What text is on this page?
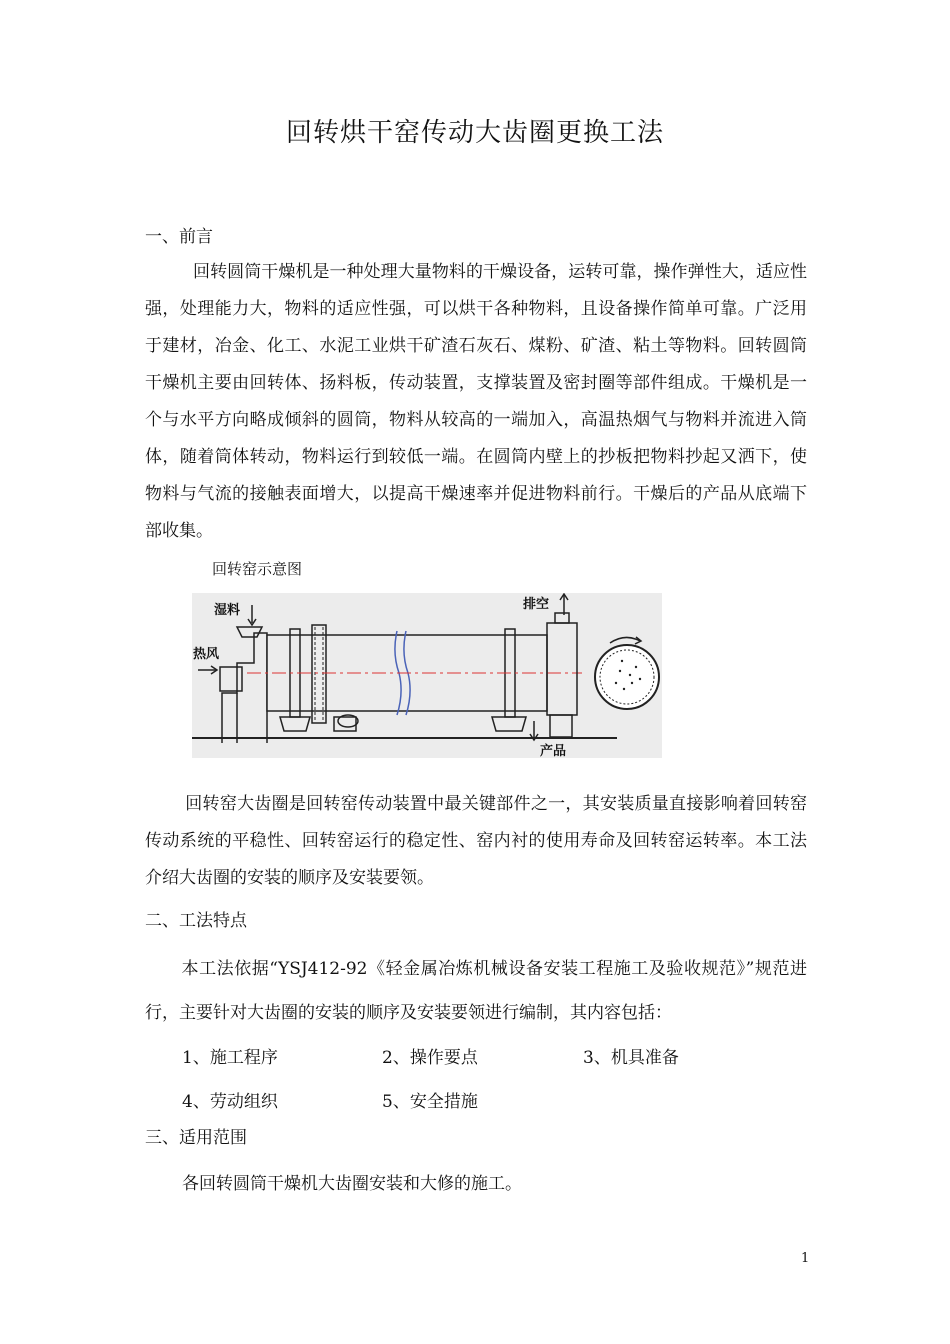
回转烘干窑传动大齿圈更换工法
一、前言

回转圆筒干燥机是一种处理大量物料的干燥设备，运转可靠，操作弹性大，适应性强，处理能力大，物料的适应性强，可以烘干各种物料，且设备操作简单可靠。广泛用于建材，冶金、化工、水泥工业烘干矿渣石灰石、煤粉、矿渣、粘土等物料。回转圆筒干燥机主要由回转体、扬料板，传动装置，支撑装置及密封圈等部件组成。干燥机是一个与水平方向略成倾斜的圆筒，物料从较高的一端加入，高温热烟气与物料并流进入筒体，随着筒体转动，物料运行到较低一端。在圆筒内壁上的抄板把物料抄起又洒下，使物料与气流的接触表面增大，以提高干燥速率并促进物料前行。干燥后的产品从底端下部收集。

回转窑示意图
湿料
热风
排空
产品

回转窑大齿圈是回转窑传动装置中最关键部件之一，其安装质量直接影响着回转窑传动系统的平稳性、回转窑运行的稳定性、窑内衬的使用寿命及回转窑运转率。本工法介绍大齿圈的安装的顺序及安装要领。

二、工法特点

本工法依据“YSJ412-92《轻金属冶炼机械设备安装工程施工及验收规范》”规范进行，主要针对大齿圈的安装的顺序及安装要领进行编制，其内容包括：

1、施工程序	2、操作要点	3、机具准备
4、劳动组织	5、安全措施
三、适用范围
各回转圆筒干燥机大齿圈安装和大修的施工。
1
